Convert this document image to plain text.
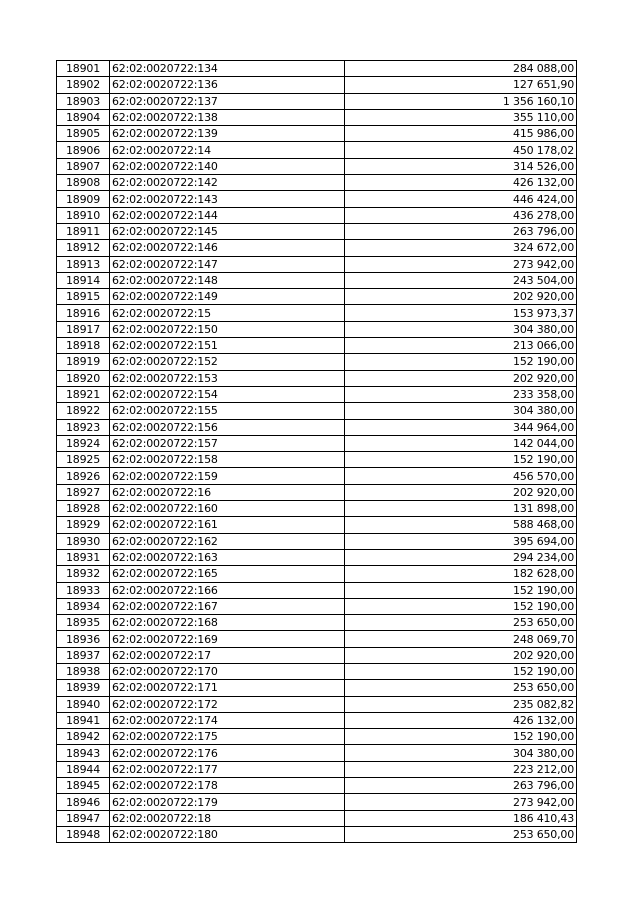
18901	62:02:0020722:134	284 088,00
18902	62:02:0020722:136	127 651,90
18903	62:02:0020722:137	1 356 160,10
18904	62:02:0020722:138	355 110,00
18905	62:02:0020722:139	415 986,00
18906	62:02:0020722:14	450 178,02
18907	62:02:0020722:140	314 526,00
18908	62:02:0020722:142	426 132,00
18909	62:02:0020722:143	446 424,00
18910	62:02:0020722:144	436 278,00
18911	62:02:0020722:145	263 796,00
18912	62:02:0020722:146	324 672,00
18913	62:02:0020722:147	273 942,00
18914	62:02:0020722:148	243 504,00
18915	62:02:0020722:149	202 920,00
18916	62:02:0020722:15	153 973,37
18917	62:02:0020722:150	304 380,00
18918	62:02:0020722:151	213 066,00
18919	62:02:0020722:152	152 190,00
18920	62:02:0020722:153	202 920,00
18921	62:02:0020722:154	233 358,00
18922	62:02:0020722:155	304 380,00
18923	62:02:0020722:156	344 964,00
18924	62:02:0020722:157	142 044,00
18925	62:02:0020722:158	152 190,00
18926	62:02:0020722:159	456 570,00
18927	62:02:0020722:16	202 920,00
18928	62:02:0020722:160	131 898,00
18929	62:02:0020722:161	588 468,00
18930	62:02:0020722:162	395 694,00
18931	62:02:0020722:163	294 234,00
18932	62:02:0020722:165	182 628,00
18933	62:02:0020722:166	152 190,00
18934	62:02:0020722:167	152 190,00
18935	62:02:0020722:168	253 650,00
18936	62:02:0020722:169	248 069,70
18937	62:02:0020722:17	202 920,00
18938	62:02:0020722:170	152 190,00
18939	62:02:0020722:171	253 650,00
18940	62:02:0020722:172	235 082,82
18941	62:02:0020722:174	426 132,00
18942	62:02:0020722:175	152 190,00
18943	62:02:0020722:176	304 380,00
18944	62:02:0020722:177	223 212,00
18945	62:02:0020722:178	263 796,00
18946	62:02:0020722:179	273 942,00
18947	62:02:0020722:18	186 410,43
18948	62:02:0020722:180	253 650,00
